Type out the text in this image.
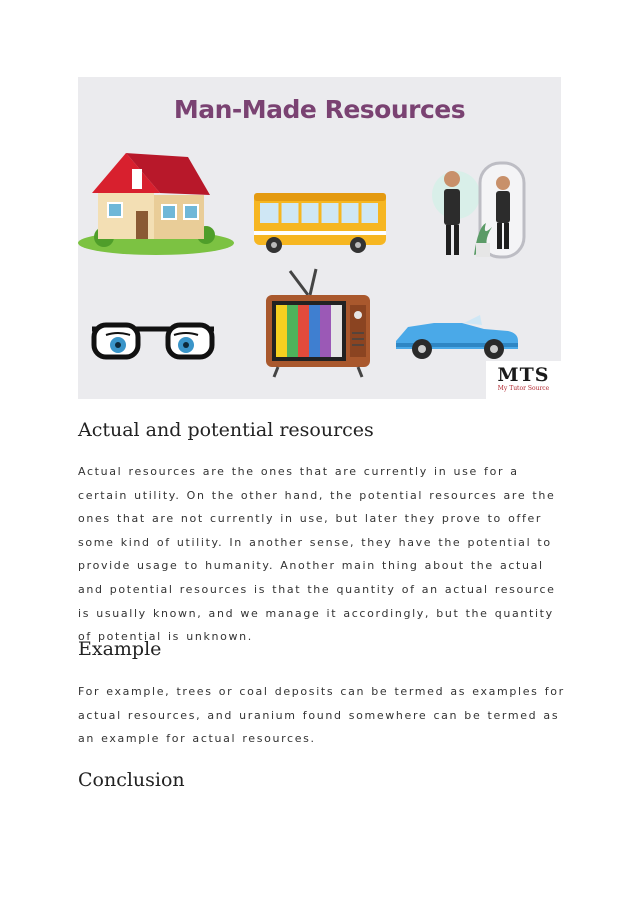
Man-Made Resources
MTS
My Tutor Source
Actual and potential resources

Actual resources are the ones that are currently in use for a certain utility. On the other hand, the potential resources are the ones that are not currently in use, but later they prove to offer some kind of utility. In another sense, they have the potential to provide usage to humanity. Another main thing about the actual and potential resources is that the quantity of an actual resource is usually known, and we manage it accordingly, but the quantity of potential is unknown.

Example

For example, trees or coal deposits can be termed as examples for actual resources, and uranium found somewhere can be termed as an example for actual resources.

Conclusion
